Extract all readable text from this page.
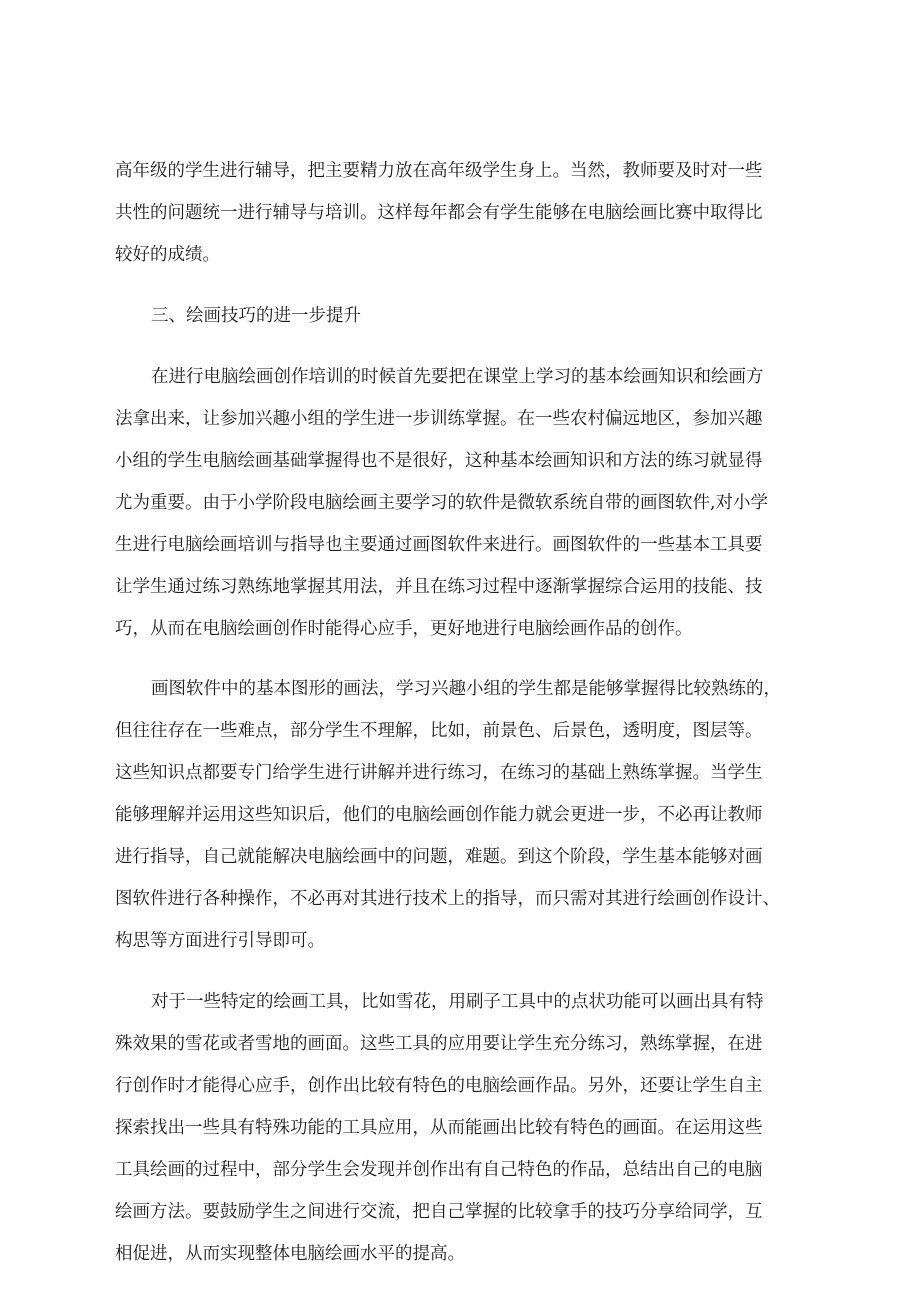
高年级的学生进行辅导，把主要精力放在高年级学生身上。当然，教师要及时对一些
共性的问题统一进行辅导与培训。这样每年都会有学生能够在电脑绘画比赛中取得比
较好的成绩。
三、绘画技巧的进一步提升
在进行电脑绘画创作培训的时候首先要把在课堂上学习的基本绘画知识和绘画方
法拿出来，让参加兴趣小组的学生进一步训练掌握。在一些农村偏远地区，参加兴趣
小组的学生电脑绘画基础掌握得也不是很好，这种基本绘画知识和方法的练习就显得
尤为重要。由于小学阶段电脑绘画主要学习的软件是微软系统自带的画图软件,对小学
生进行电脑绘画培训与指导也主要通过画图软件来进行。画图软件的一些基本工具要
让学生通过练习熟练地掌握其用法，并且在练习过程中逐渐掌握综合运用的技能、技
巧，从而在电脑绘画创作时能得心应手，更好地进行电脑绘画作品的创作。
画图软件中的基本图形的画法，学习兴趣小组的学生都是能够掌握得比较熟练的，
但往往存在一些难点，部分学生不理解，比如，前景色、后景色，透明度，图层等。
这些知识点都要专门给学生进行讲解并进行练习，在练习的基础上熟练掌握。当学生
能够理解并运用这些知识后，他们的电脑绘画创作能力就会更进一步，不必再让教师
进行指导，自己就能解决电脑绘画中的问题，难题。到这个阶段，学生基本能够对画
图软件进行各种操作，不必再对其进行技术上的指导，而只需对其进行绘画创作设计、
构思等方面进行引导即可。
对于一些特定的绘画工具，比如雪花，用刷子工具中的点状功能可以画出具有特
殊效果的雪花或者雪地的画面。这些工具的应用要让学生充分练习，熟练掌握，在进
行创作时才能得心应手，创作出比较有特色的电脑绘画作品。另外，还要让学生自主
探索找出一些具有特殊功能的工具应用，从而能画出比较有特色的画面。在运用这些
工具绘画的过程中，部分学生会发现并创作出有自己特色的作品，总结出自己的电脑
绘画方法。要鼓励学生之间进行交流，把自己掌握的比较拿手的技巧分享给同学，互
相促进，从而实现整体电脑绘画水平的提高。
